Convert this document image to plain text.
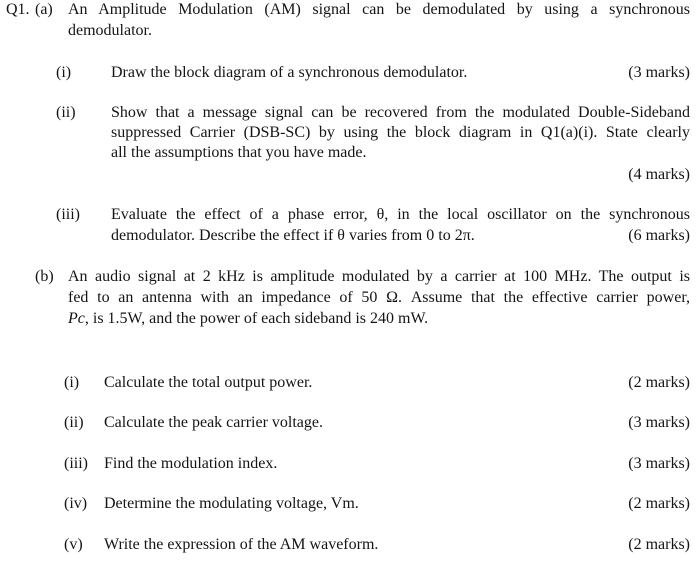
Q1. (a) An Amplitude Modulation (AM) signal can be demodulated by using a synchronous
demodulator.
(i) Draw the block diagram of a synchronous demodulator.	(3 marks)
(ii) Show that a message signal can be recovered from the modulated Double-Sideband
suppressed Carrier (DSB-SC) by using the block diagram in Q1(a)(i). State clearly
all the assumptions that you have made.
(4 marks)
(iii) Evaluate the effect of a phase error, θ, in the local oscillator on the synchronous
demodulator. Describe the effect if θ varies from 0 to 2π.	(6 marks)
(b) An audio signal at 2 kHz is amplitude modulated by a carrier at 100 MHz. The output is
fed to an antenna with an impedance of 50 Ω. Assume that the effective carrier power,
Pc, is 1.5W, and the power of each sideband is 240 mW.
(i) Calculate the total output power.	(2 marks)
(ii) Calculate the peak carrier voltage.	(3 marks)
(iii) Find the modulation index.	(3 marks)
(iv) Determine the modulating voltage, Vm.	(2 marks)
(v) Write the expression of the AM waveform.	(2 marks)
